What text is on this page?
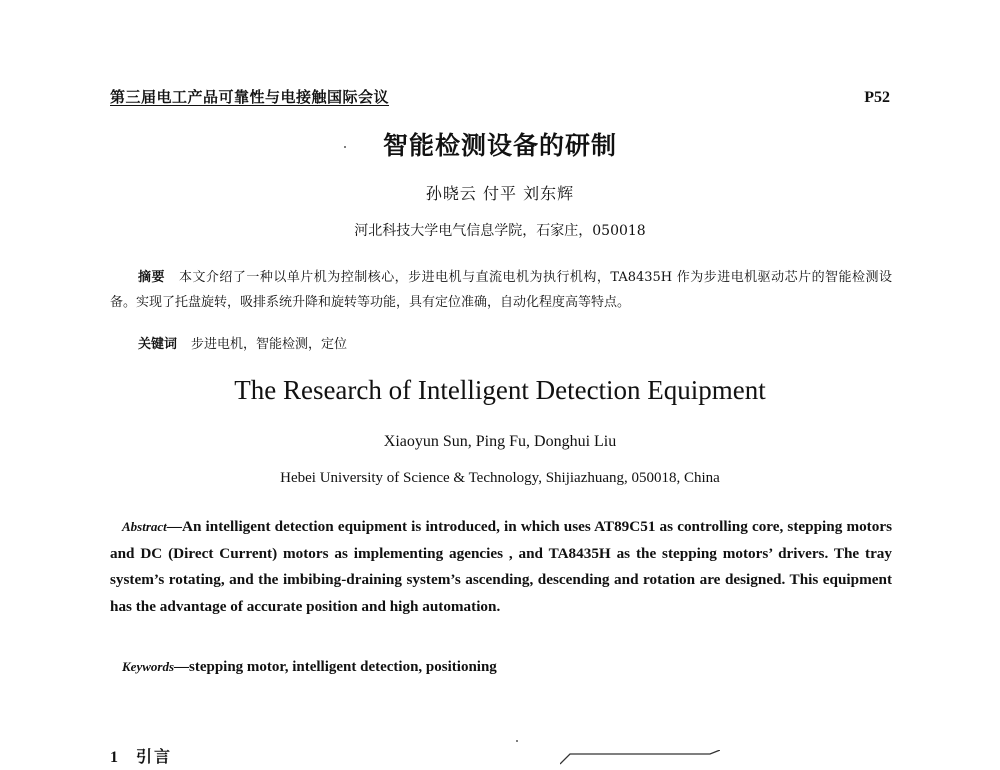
第三届电工产品可靠性与电接触国际会议	P52
智能检测设备的研制
孙晓云 付平 刘东辉
河北科技大学电气信息学院，石家庄，050018
摘要 本文介绍了一种以单片机为控制核心，步进电机与直流电机为执行机构，TA8435H 作为步进电机驱动芯片的智能检测设备。实现了托盘旋转，吸排系统升降和旋转等功能，具有定位准确，自动化程度高等特点。
关键词 步进电机，智能检测，定位
The Research of Intelligent Detection Equipment
Xiaoyun Sun, Ping Fu, Donghui Liu
Hebei University of Science & Technology, Shijiazhuang, 050018, China
Abstract—An intelligent detection equipment is introduced, in which uses AT89C51 as controlling core, stepping motors and DC (Direct Current) motors as implementing agencies , and TA8435H as the stepping motors’ drivers. The tray system’s rotating, and the imbibing-draining system’s ascending, descending and rotation are designed. This equipment has the advantage of accurate position and high automation.
Keywords—stepping motor, intelligent detection, positioning
1 引言
